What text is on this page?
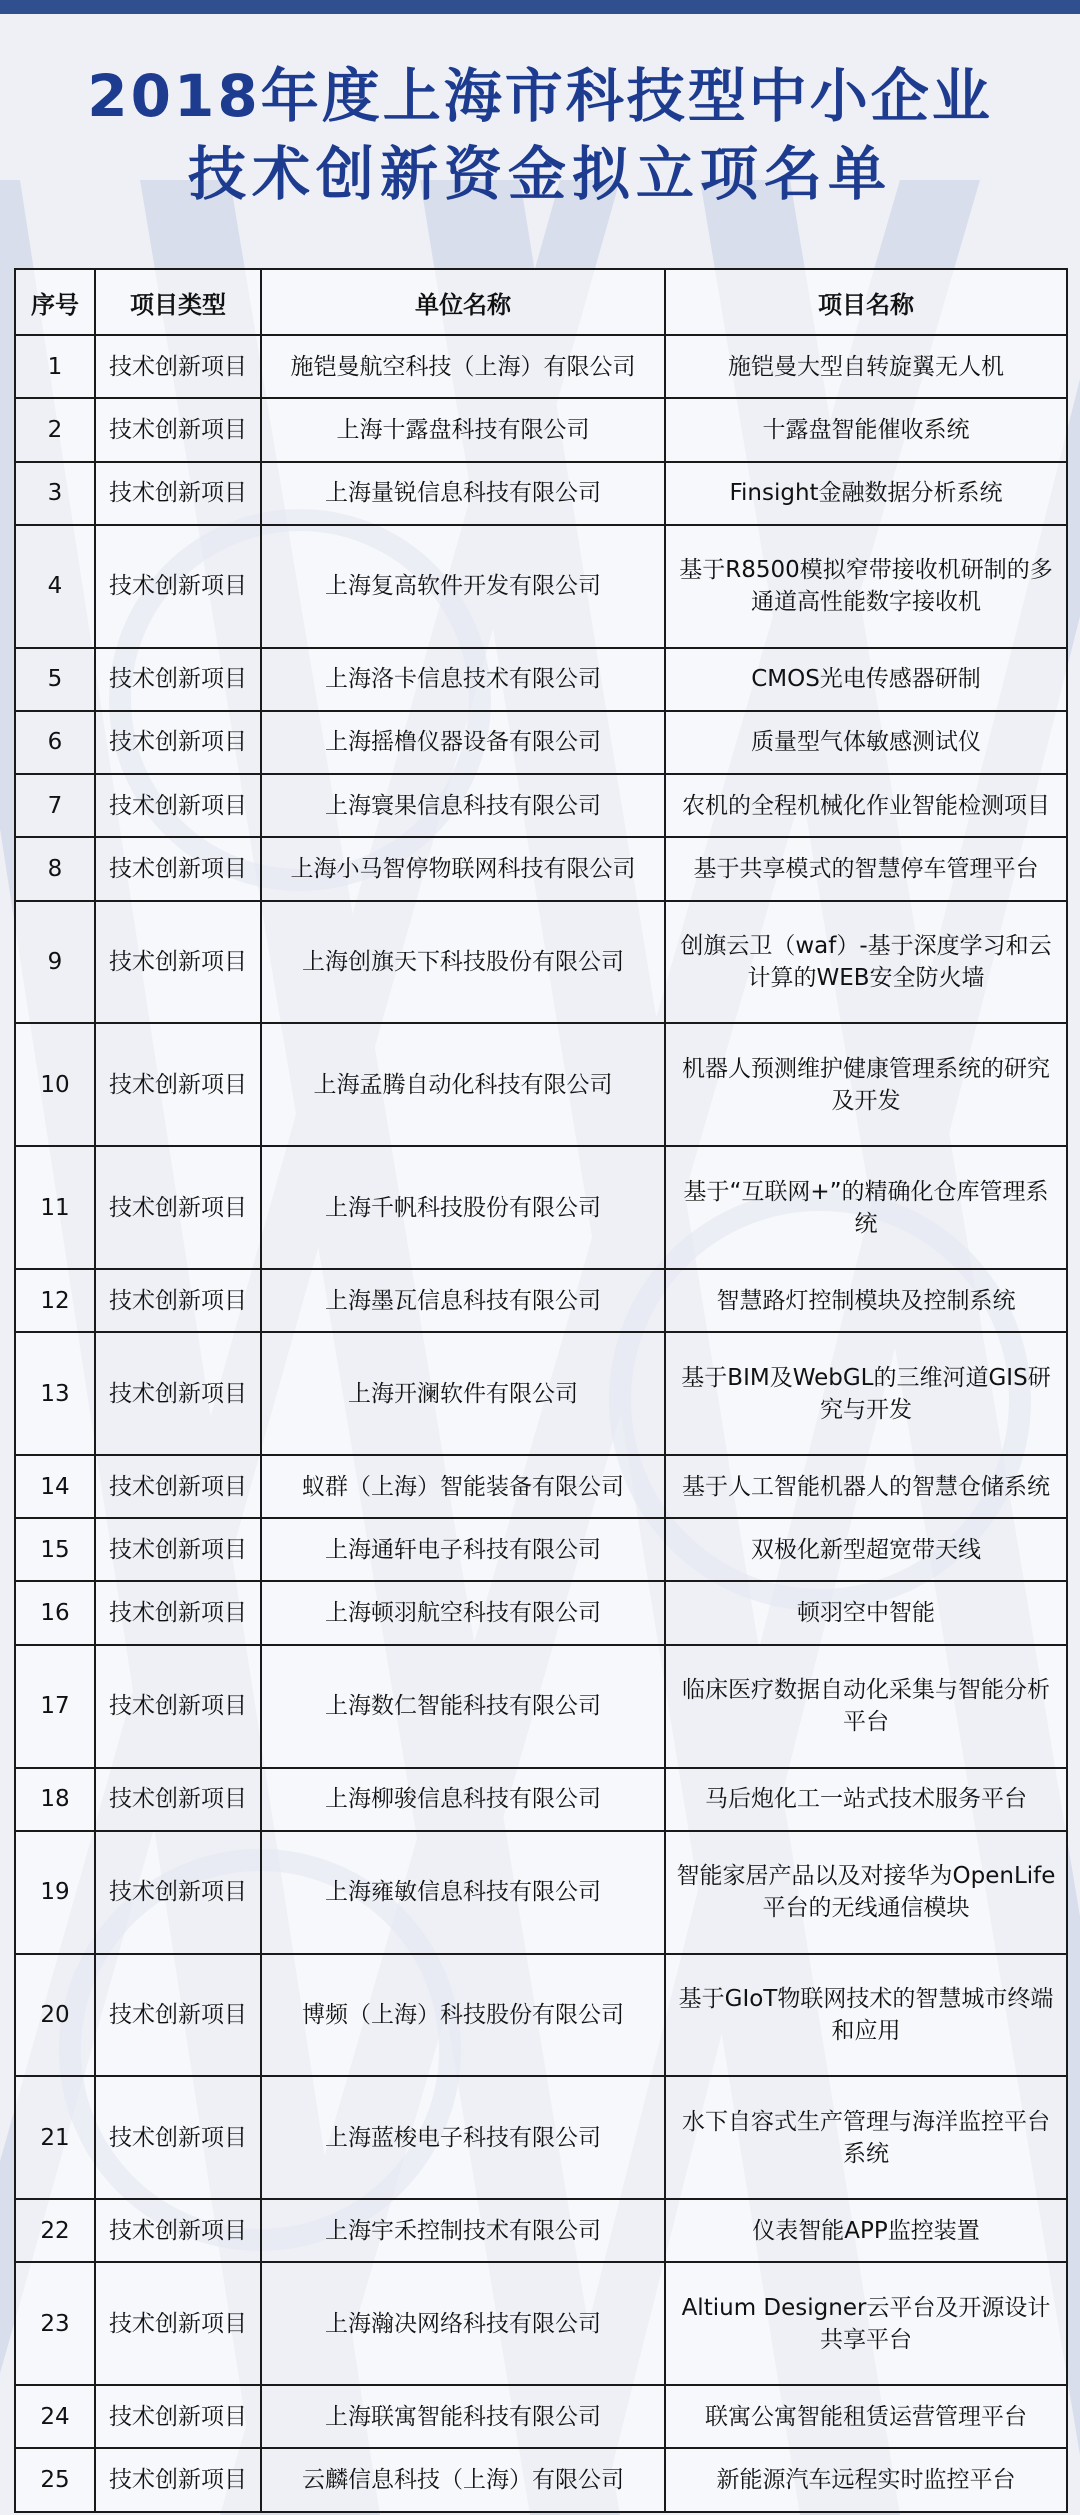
2018年度上海市科技型中小企业
技术创新资金拟立项名单
序号	项目类型	单位名称	项目名称
1	技术创新项目	施铠曼航空科技（上海）有限公司	施铠曼大型自转旋翼无人机
2	技术创新项目	上海十露盘科技有限公司	十露盘智能催收系统
3	技术创新项目	上海量锐信息科技有限公司	Finsight金融数据分析系统
4	技术创新项目	上海复高软件开发有限公司	基于R8500模拟窄带接收机研制的多通道高性能数字接收机
5	技术创新项目	上海洛卡信息技术有限公司	CMOS光电传感器研制
6	技术创新项目	上海摇橹仪器设备有限公司	质量型气体敏感测试仪
7	技术创新项目	上海寰果信息科技有限公司	农机的全程机械化作业智能检测项目
8	技术创新项目	上海小马智停物联网科技有限公司	基于共享模式的智慧停车管理平台
9	技术创新项目	上海创旗天下科技股份有限公司	创旗云卫（waf）-基于深度学习和云计算的WEB安全防火墙
10	技术创新项目	上海孟腾自动化科技有限公司	机器人预测维护健康管理系统的研究及开发
11	技术创新项目	上海千帆科技股份有限公司	基于“互联网+”的精确化仓库管理系统
12	技术创新项目	上海墨瓦信息科技有限公司	智慧路灯控制模块及控制系统
13	技术创新项目	上海开澜软件有限公司	基于BIM及WebGL的三维河道GIS研究与开发
14	技术创新项目	蚁群（上海）智能装备有限公司	基于人工智能机器人的智慧仓储系统
15	技术创新项目	上海通轩电子科技有限公司	双极化新型超宽带天线
16	技术创新项目	上海顿羽航空科技有限公司	顿羽空中智能
17	技术创新项目	上海数仁智能科技有限公司	临床医疗数据自动化采集与智能分析平台
18	技术创新项目	上海柳骏信息科技有限公司	马后炮化工一站式技术服务平台
19	技术创新项目	上海雍敏信息科技有限公司	智能家居产品以及对接华为OpenLife平台的无线通信模块
20	技术创新项目	博频（上海）科技股份有限公司	基于GIoT物联网技术的智慧城市终端和应用
21	技术创新项目	上海蓝梭电子科技有限公司	水下自容式生产管理与海洋监控平台系统
22	技术创新项目	上海宇禾控制技术有限公司	仪表智能APP监控装置
23	技术创新项目	上海瀚决网络科技有限公司	Altium Designer云平台及开源设计共享平台
24	技术创新项目	上海联寓智能科技有限公司	联寓公寓智能租赁运营管理平台
25	技术创新项目	云麟信息科技（上海）有限公司	新能源汽车远程实时监控平台
